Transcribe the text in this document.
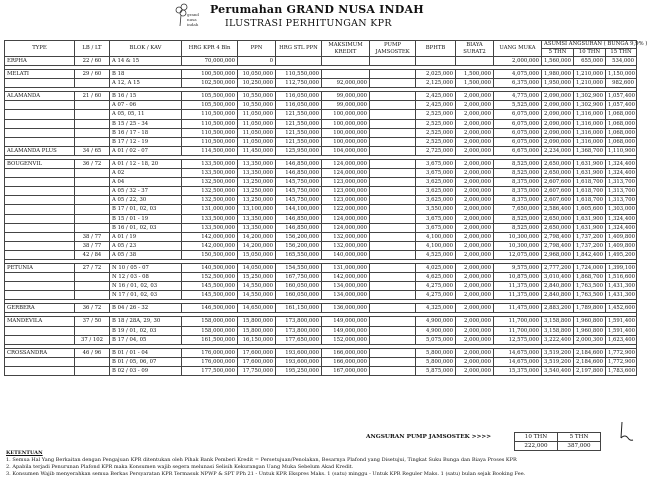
grand
nusa
indah
Perumahan GRAND NUSA INDAH
ILUSTRASI PERHITUNGAN KPR
TYPE	LB / LT	BLOK / KAV	HRG KPR 4 Bln	PPN	HRG STL PPN	MAKSIMUM KREDIT	PUMP JAMSOSTEK	BPHTB	BIAYA SURAT2	UANG MUKA	ASUMSI ANGSURAN ( BUNGA 9,9% )		
											5 THN	10 THN	15 THN
ERPHA	22 / 60	A 14 & 15	70,000,000	0						2,000,000	1,560,000	655,000	534,000

MELATI	29 / 60	B 18	100,500,000	10,050,000	110,550,000			2,025,000	1,500,000	4,075,000	1,980,000	1,210,000	1,150,000
		A 12, A 15	102,500,000	10,250,000	112,750,000	92,000,000		2,125,000	1,500,000	6,375,000	1,950,000	1,210,000	982,600

ALAMANDA	21 / 60	B 16 / 15	105,500,000	10,550,000	116,050,000	99,000,000		2,425,000	2,000,000	4,775,000	2,090,000	1,302,900	1,057,400
		A 07 - 06	105,500,000	10,550,000	116,050,000	99,000,000		2,425,000	2,000,000	5,525,000	2,090,000	1,302,900	1,057,400
		A 05, 05, 11	110,500,000	11,050,000	121,550,000	100,000,000		2,525,000	2,000,000	6,075,000	2,090,000	1,316,000	1,068,000
		B 15 / 25 - 34	110,500,000	11,050,000	121,550,000	100,000,000		2,525,000	2,000,000	6,075,000	2,090,000	1,316,000	1,068,000
		B 16 / 17 - 18	110,500,000	11,050,000	121,550,000	100,000,000		2,525,000	2,000,000	6,075,000	2,090,000	1,316,000	1,068,000
		B 17 / 12 - 19	110,500,000	11,050,000	121,550,000	100,000,000		2,525,000	2,000,000	6,075,000	2,090,000	1,316,000	1,068,000
ALAMANDA PLUS	34 / 65	A 01 / 02 - 07	114,500,000	11,450,000	125,950,000	104,000,000		2,725,000	2,000,000	6,675,000	2,234,000	1,368,700	1,110,900

BOUGENVIL	36 / 72	A 01 / 12 - 18, 20	133,500,000	13,350,000	146,850,000	124,000,000		3,675,000	2,000,000	8,525,000	2,650,000	1,631,900	1,324,400
		A 02	133,500,000	13,350,000	146,850,000	124,000,000		3,675,000	2,000,000	8,525,000	2,650,000	1,631,900	1,324,400
		A 04	132,500,000	13,250,000	145,750,000	123,000,000		3,625,000	2,000,000	8,375,000	2,607,600	1,618,700	1,313,700
		A 05 / 32 - 37	132,500,000	13,250,000	145,750,000	123,000,000		3,625,000	2,000,000	8,375,000	2,607,600	1,618,700	1,313,700
		A 05 / 22, 30	132,500,000	13,250,000	145,750,000	123,000,000		3,625,000	2,000,000	8,375,000	2,607,600	1,618,700	1,313,700
		B 17 / 01, 02, 03	131,000,000	13,100,000	144,100,000	122,000,000		3,550,000	2,000,000	7,650,000	2,586,400	1,605,600	1,303,000
		B 15 / 01 - 19	133,500,000	13,350,000	146,850,000	124,000,000		3,675,000	2,000,000	8,525,000	2,650,000	1,631,900	1,324,400
		B 16 / 01, 02, 03	133,500,000	13,350,000	146,850,000	124,000,000		3,675,000	2,000,000	8,525,000	2,650,000	1,631,900	1,324,400
	38 / 77	A 01 / 19	142,000,000	14,200,000	156,200,000	132,000,000		4,100,000	2,000,000	10,300,000	2,798,400	1,737,200	1,409,800
	38 / 77	A 05 / 23	142,000,000	14,200,000	156,200,000	132,000,000		4,100,000	2,000,000	10,300,000	2,798,400	1,737,200	1,409,800
	42 / 84	A 05 / 38	150,500,000	15,050,000	165,550,000	140,000,000		4,525,000	2,000,000	12,075,000	2,968,000	1,842,400	1,495,200

PETUNIA	27 / 72	N 10 / 05 - 07	140,500,000	14,050,000	154,550,000	131,000,000		4,025,000	2,000,000	9,575,000	2,777,200	1,724,000	1,399,100
		N 12 / 03 - 08	152,500,000	15,250,000	167,750,000	142,000,000		4,625,000	2,000,000	10,875,000	3,010,400	1,868,700	1,516,600
		N 16 / 01, 02, 03	145,500,000	14,550,000	160,050,000	134,000,000		4,275,000	2,000,000	11,375,000	2,840,800	1,763,500	1,431,300
		N 17 / 01, 02, 03	145,500,000	14,550,000	160,050,000	134,000,000		4,275,000	2,000,000	11,375,000	2,840,800	1,763,500	1,431,300

GERBERA	36 / 72	B 04 / 26 - 32	146,500,000	14,650,000	161,150,000	136,000,000		4,325,000	2,000,000	11,475,000	2,883,200	1,789,800	1,452,600

MANDEVILA	37 / 50	B 18 / 28A, 29, 30	158,000,000	15,800,000	173,800,000	149,000,000		4,900,000	2,000,000	11,700,000	3,158,800	1,960,800	1,591,400
		B 19 / 01, 02, 03	158,000,000	15,800,000	173,800,000	149,000,000		4,900,000	2,000,000	11,700,000	3,158,800	1,960,800	1,591,400
	37 / 102	B 17 / 04, 05	161,500,000	16,150,000	177,650,000	152,000,000		5,075,000	2,000,000	12,575,000	3,222,400	2,000,300	1,623,400

CROSSANDRA	46 / 96	B 01 / 01 - 04	176,000,000	17,600,000	193,600,000	166,000,000		5,800,000	2,000,000	14,675,000	3,519,200	2,184,600	1,772,900
		B 01 / 05, 06, 07	176,000,000	17,600,000	193,600,000	166,000,000		5,800,000	2,000,000	14,675,000	3,519,200	2,184,600	1,772,900
		B 02 / 03 - 09	177,500,000	17,750,000	195,250,000	167,000,000		5,875,000	2,000,000	15,375,000	3,540,400	2,197,800	1,783,600
ANGSURAN PUMP JAMSOSTEK >>>>	10 THN	5 THN
222,000	387,000
KETENTUAN
1. Semua Hal Yang Berkaitan dengan Pengajuan KPR ditentukan oleh Pihak Bank Pemberi Kredit = Persetujuan/Penolakan, Besarnya Plafond yang Disetujui, Tingkat Suku Bunga dan Biaya Proses KPR
2. Apabila terjadi Penurunan Plafond KPR maka Konsumen wajib segera melunasi Selisih Kekurangan Uang Muka Sebelum Akad Kredit.
3. Konsumen Wajib menyerahkan semua Berkas Persyaratan KPR Termasuk NPWP & SPT PPh 21 - Untuk KPR Ekspres Maks. 1 (satu) minggu - Untuk KPR Reguler Maks. 1 (satu) bulan sejak Booking Fee.
